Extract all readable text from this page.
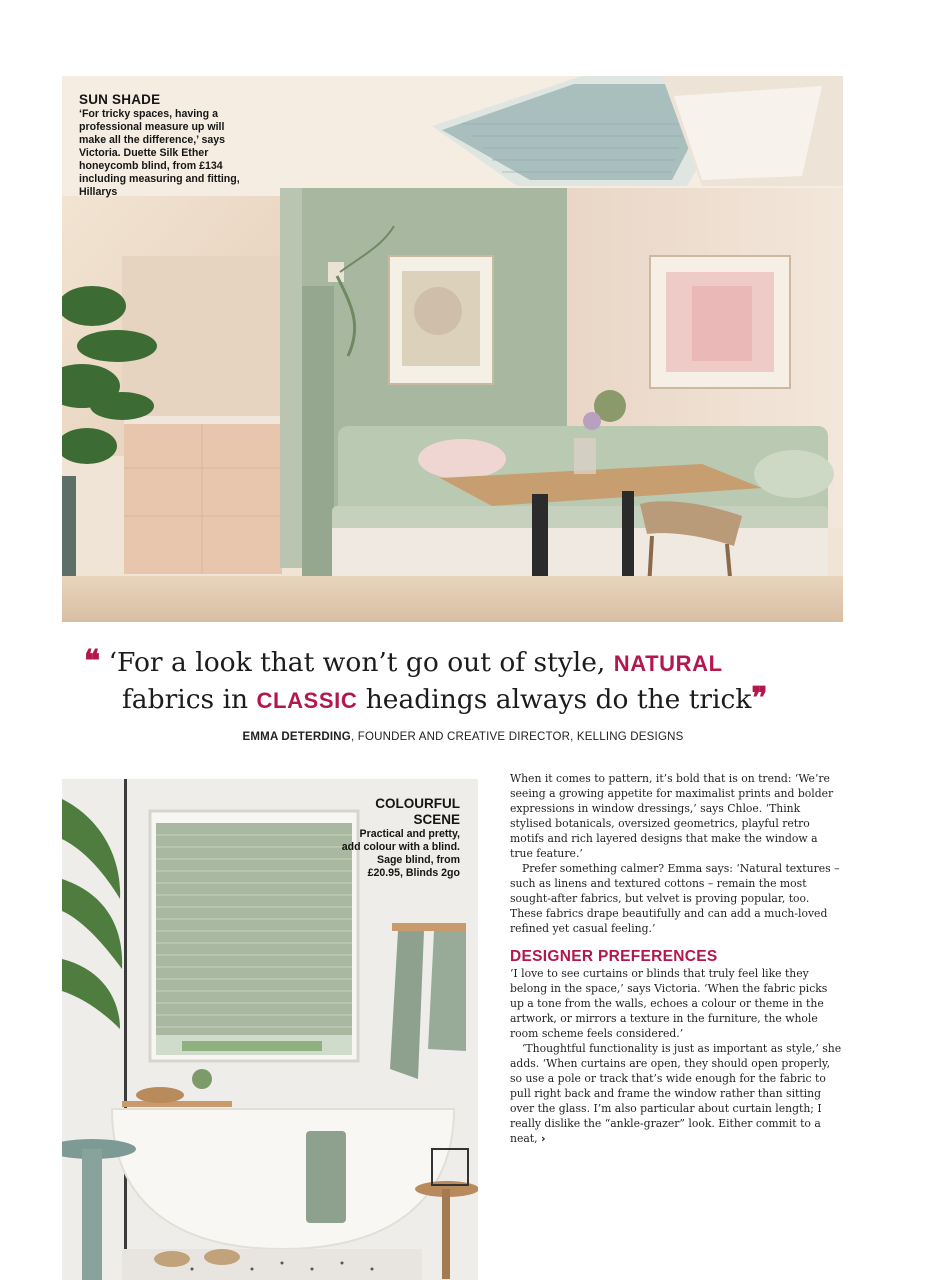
SUN SHADE
‘For tricky spaces, having a professional measure up will make all the difference,’ says Victoria. Duette Silk Ether honeycomb blind, from £134 including measuring and fitting, Hillarys
❝ ‘For a look that won’t go out of style, NATURAL
fabrics in CLASSIC headings always do the trick❞
EMMA DETERDING, FOUNDER AND CREATIVE DIRECTOR, KELLING DESIGNS
COLOURFUL SCENE
Practical and pretty, add colour with a blind. Sage blind, from £20.95, Blinds 2go

When it comes to pattern, it’s bold that is on trend: ‘We’re seeing a growing appetite for maximalist prints and bolder expressions in window dressings,’ says Chloe. ‘Think stylised botanicals, oversized geometrics, playful retro motifs and rich layered designs that make the window a true feature.’

Prefer something calmer? Emma says: ‘Natural textures – such as linens and textured cottons – remain the most sought-after fabrics, but velvet is proving popular, too. These fabrics drape beautifully and can add a much-loved refined yet casual feeling.’

DESIGNER PREFERENCES

‘I love to see curtains or blinds that truly feel like they belong in the space,’ says Victoria. ‘When the fabric picks up a tone from the walls, echoes a colour or theme in the artwork, or mirrors a texture in the furniture, the whole room scheme feels considered.’

‘Thoughtful functionality is just as important as style,’ she adds. ‘When curtains are open, they should open properly, so use a pole or track that’s wide enough for the fabric to pull right back and frame the window rather than sitting over the glass. I’m also particular about curtain length; I really dislike the “ankle-grazer” look. Either commit to a neat, ›
